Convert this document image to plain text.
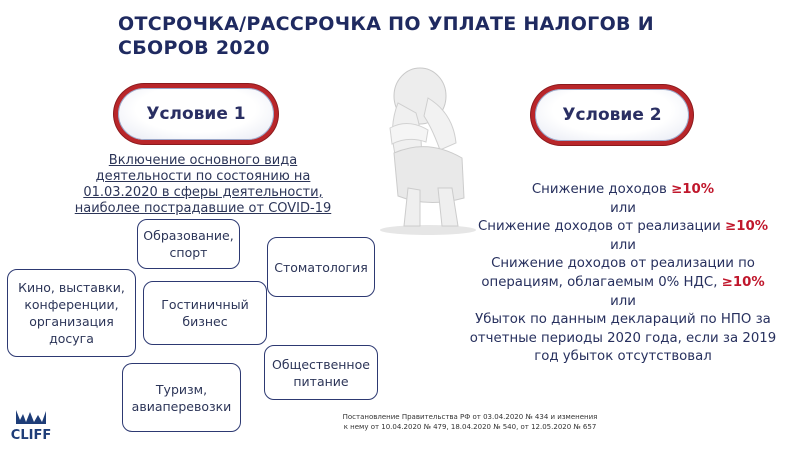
ОТСРОЧКА/РАССРОЧКА ПО УПЛАТЕ НАЛОГОВ И СБОРОВ 2020
Условие 1	Условие 2
Включение основного вида деятельности по состоянию на 01.03.2020 в сферы деятельности, наиболее пострадавшие от COVID-19
Образование, спорт
Кино, выставки, конференции, организация досуга
Гостиничный бизнес
Стоматология
Туризм, авиаперевозки
Общественное питание
Снижение доходов ≥10%
или
Снижение доходов от реализации ≥10%
или
Снижение доходов от реализации по операциям, облагаемым 0% НДС, ≥10%
или
Убыток по данным деклараций по НПО за отчетные периоды 2020 года, если за 2019 год убыток отсутствовал
Постановление Правительства РФ от 03.04.2020 № 434 и изменения
к нему от 10.04.2020 № 479, 18.04.2020 № 540, от 12.05.2020 № 657
CLIFF
